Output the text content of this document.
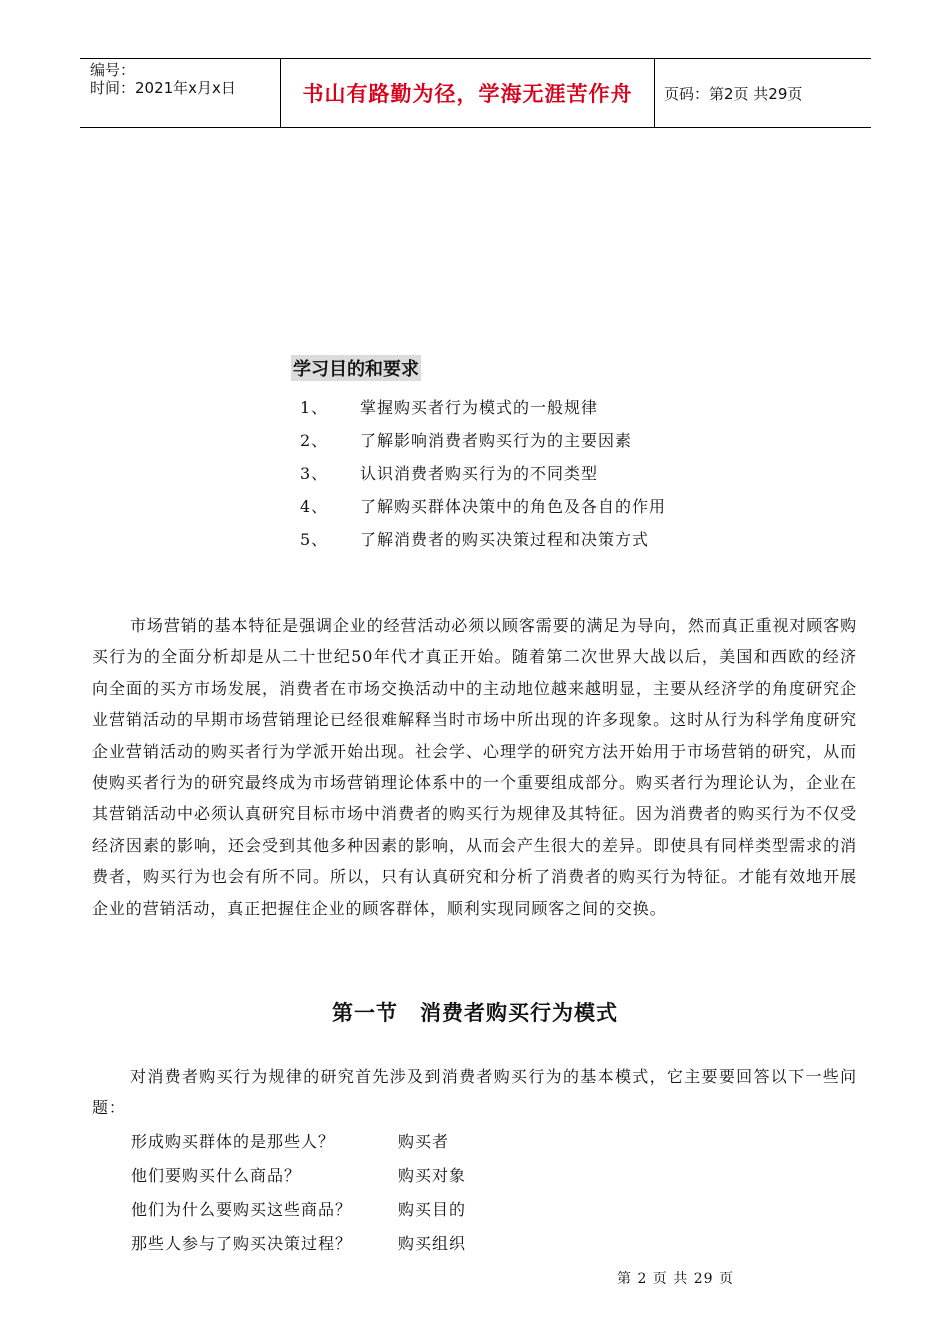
编号：
时间：2021年x月x日	书山有路勤为径，学海无涯苦作舟	页码：第2页 共29页
学习目的和要求
1、	掌握购买者行为模式的一般规律
2、	了解影响消费者购买行为的主要因素
3、	认识消费者购买行为的不同类型
4、	了解购买群体决策中的角色及各自的作用
5、	了解消费者的购买决策过程和决策方式
市场营销的基本特征是强调企业的经营活动必须以顾客需要的满足为导向，然而真正重视对顾客购买行为的全面分析却是从二十世纪50年代才真正开始。随着第二次世界大战以后，美国和西欧的经济向全面的买方市场发展，消费者在市场交换活动中的主动地位越来越明显，主要从经济学的角度研究企业营销活动的早期市场营销理论已经很难解释当时市场中所出现的许多现象。这时从行为科学角度研究企业营销活动的购买者行为学派开始出现。社会学、心理学的研究方法开始用于市场营销的研究，从而使购买者行为的研究最终成为市场营销理论体系中的一个重要组成部分。购买者行为理论认为，企业在其营销活动中必须认真研究目标市场中消费者的购买行为规律及其特征。因为消费者的购买行为不仅受经济因素的影响，还会受到其他多种因素的影响，从而会产生很大的差异。即使具有同样类型需求的消费者，购买行为也会有所不同。所以，只有认真研究和分析了消费者的购买行为特征。才能有效地开展企业的营销活动，真正把握住企业的顾客群体，顺利实现同顾客之间的交换。
第一节　消费者购买行为模式
对消费者购买行为规律的研究首先涉及到消费者购买行为的基本模式，它主要要回答以下一些问题：
形成购买群体的是那些人？	购买者
他们要购买什么商品？	购买对象
他们为什么要购买这些商品？	购买目的
那些人参与了购买决策过程？	购买组织
第 2 页 共 29 页
